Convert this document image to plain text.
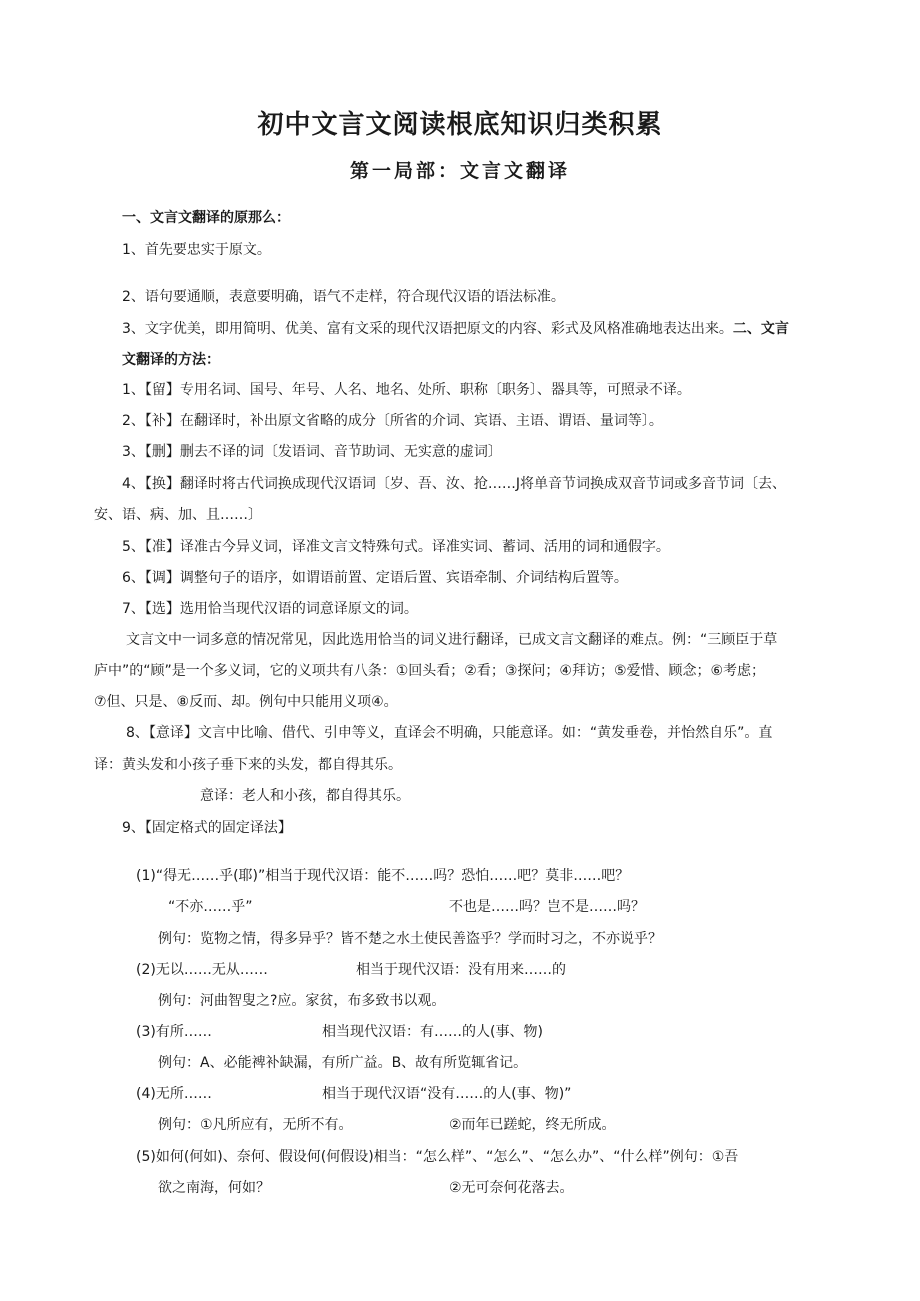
初中文言文阅读根底知识归类积累
第一局部：文言文翻译
一、文言文翻译的原那么：
1、首先要忠实于原文。
2、语句要通顺，表意要明确，语气不走样，符合现代汉语的语法标准。
3、文字优美，即用简明、优美、富有文采的现代汉语把原文的内容、彩式及风格准确地表达出来。二、文言
文翻译的方法：
1、【留】专用名词、国号、年号、人名、地名、处所、职称〔职务〕、器具等，可照录不译。
2、【补】在翻译时，补出原文省略的成分〔所省的介词、宾语、主语、谓语、量词等〕。
3、【删】删去不译的词〔发语词、音节助词、无实意的虚词〕
4、【换】翻译时将古代词换成现代汉语词〔岁、吾、汝、抢……J将单音节词换成双音节词或多音节词〔去、
安、语、病、加、且……〕
5、【准】译准古今异义词，译准文言文特殊句式。译准实词、蓄词、活用的词和通假字。
6、【调】调整句子的语序，如谓语前置、定语后置、宾语牵制、介词结构后置等。
7、【选】选用恰当现代汉语的词意译原文的词。
文言文中一词多意的情况常见，因此选用恰当的词义进行翻译，已成文言文翻译的难点。例：“三顾臣于草
庐中”的“顾”是一个多义词，它的义项共有八条：①回头看；②看；③探问；④拜访；⑤爱惜、顾念；⑥考虑；
⑦但、只是、⑧反而、却。例句中只能用义项④。
8、【意译】文言中比喻、借代、引申等义，直译会不明确，只能意译。如：“黄发垂卷，并怡然自乐”。直
译：黄头发和小孩子垂下来的头发，都自得其乐。
意译：老人和小孩，都自得其乐。
9、【固定格式的固定译法】
(1)“得无……乎(耶)”相当于现代汉语：能不……吗？恐怕……吧？莫非……吧？
“不亦……乎”	不也是……吗？岂不是……吗？
例句：览物之情，得多异乎？皆不楚之水土使民善盗乎？学而时习之，不亦说乎？
(2)无以……无从……	相当于现代汉语：没有用来……的
例句：河曲智叟之?应。家贫，布多致书以观。
(3)有所……	相当现代汉语：有……的人(事、物)
例句：A、必能裨补缺漏，有所广益。B、故有所览辄省记。
(4)无所……	相当于现代汉语“没有……的人(事、物)”
例句：①凡所应有，无所不有。	②而年已蹉蛇，终无所成。
(5)如何(何如)、奈何、假设何(何假设)相当：“怎么样”、“怎么”、“怎么办”、“什么样”例句：①吾
欲之南海，何如？	②无可奈何花落去。
